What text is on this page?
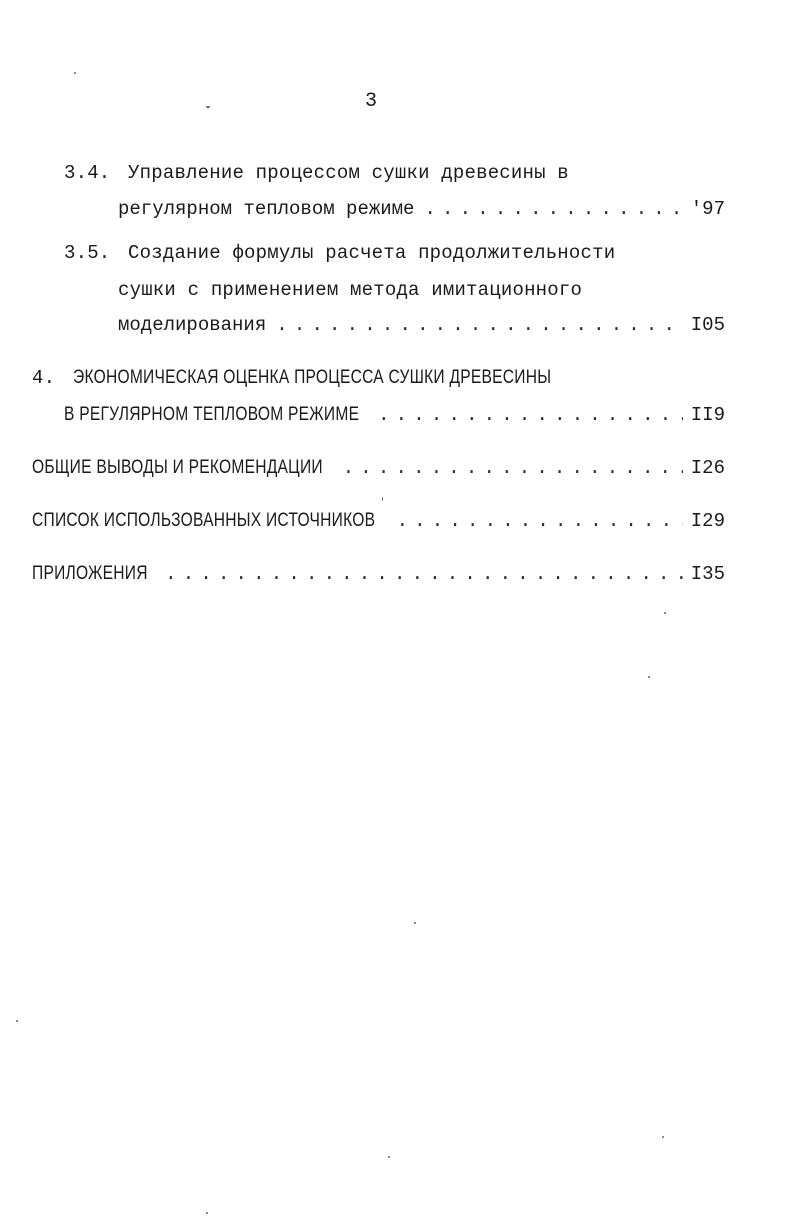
3
3.4. Управление процессом сушки древесины в
регулярном тепловом режиме . . .	'97
3.5. Создание формулы расчета продолжительности
сушки с применением метода имитационного
моделирования . . .	I05
4. ЭКОНОМИЧЕСКАЯ ОЦЕНКА ПРОЦЕССА СУШКИ ДРЕВЕСИНЫ
В РЕГУЛЯРНОМ ТЕПЛОВОМ РЕЖИМЕ . . .	II9
ОБЩИЕ ВЫВОДЫ И РЕКОМЕНДАЦИИ . . .	I26
СПИСОК ИСПОЛЬЗОВАННЫХ ИСТОЧНИКОВ . . .	I29
ПРИЛОЖЕНИЯ . . .	I35
